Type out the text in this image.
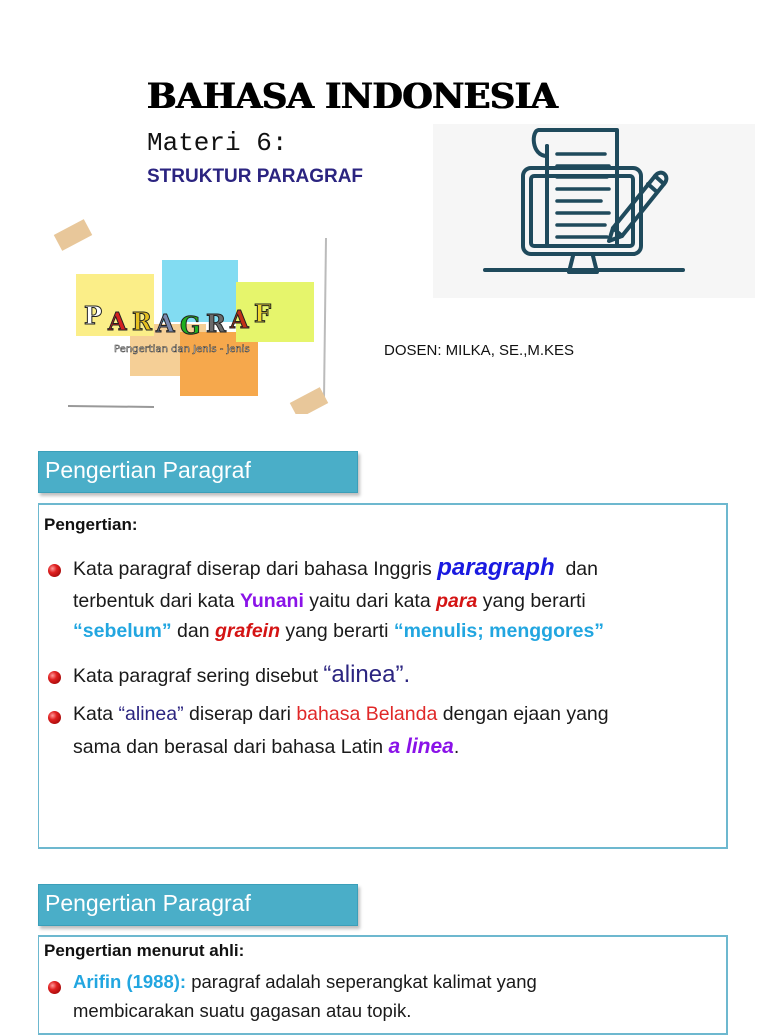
BAHASA INDONESIA
Materi 6:
STRUKTUR PARAGRAF
P A R A G R A F
Pengertian dan Jenis - jenis	DOSEN: MILKA, SE.,M.KES
Pengertian Paragraf
Pengertian:
Kata paragraf diserap dari bahasa Inggris paragraph  dan
terbentuk dari kata Yunani yaitu dari kata para yang berarti
“sebelum” dan grafein yang berarti “menulis; menggores”
Kata paragraf sering disebut “alinea”.
Kata “alinea” diserap dari bahasa Belanda dengan ejaan yang
sama dan berasal dari bahasa Latin a linea.
Pengertian Paragraf
Pengertian menurut ahli:
Arifin (1988): paragraf adalah seperangkat kalimat yang
membicarakan suatu gagasan atau topik.
